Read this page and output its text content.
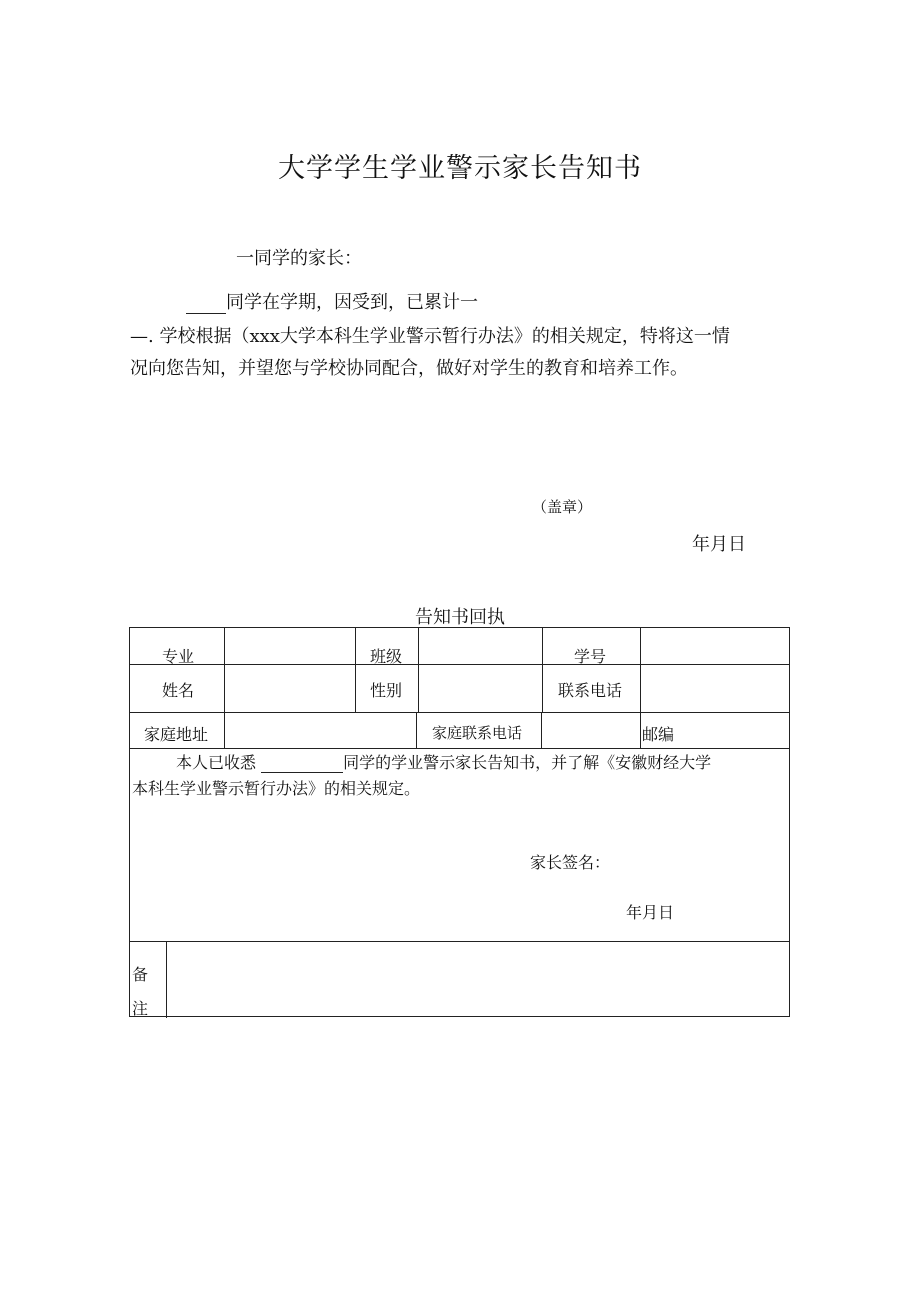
大学学生学业警示家长告知书
一同学的家长：
同学在学期，因受到，已累计一
—. 学校根据（xxx大学本科生学业警示暂行办法》的相关规定，特将这一情
况向您告知，并望您与学校协同配合，做好对学生的教育和培养工作。
（盖章）
年月日
告知书回执
专业	班级	学号
姓名	性别	联系电话
家庭地址	家庭联系电话	邮编
本人已收悉	同学的学业警示家长告知书，并了解《安徽财经大学
本科生学业警示暂行办法》的相关规定。
家长签名：
年月日
备注
